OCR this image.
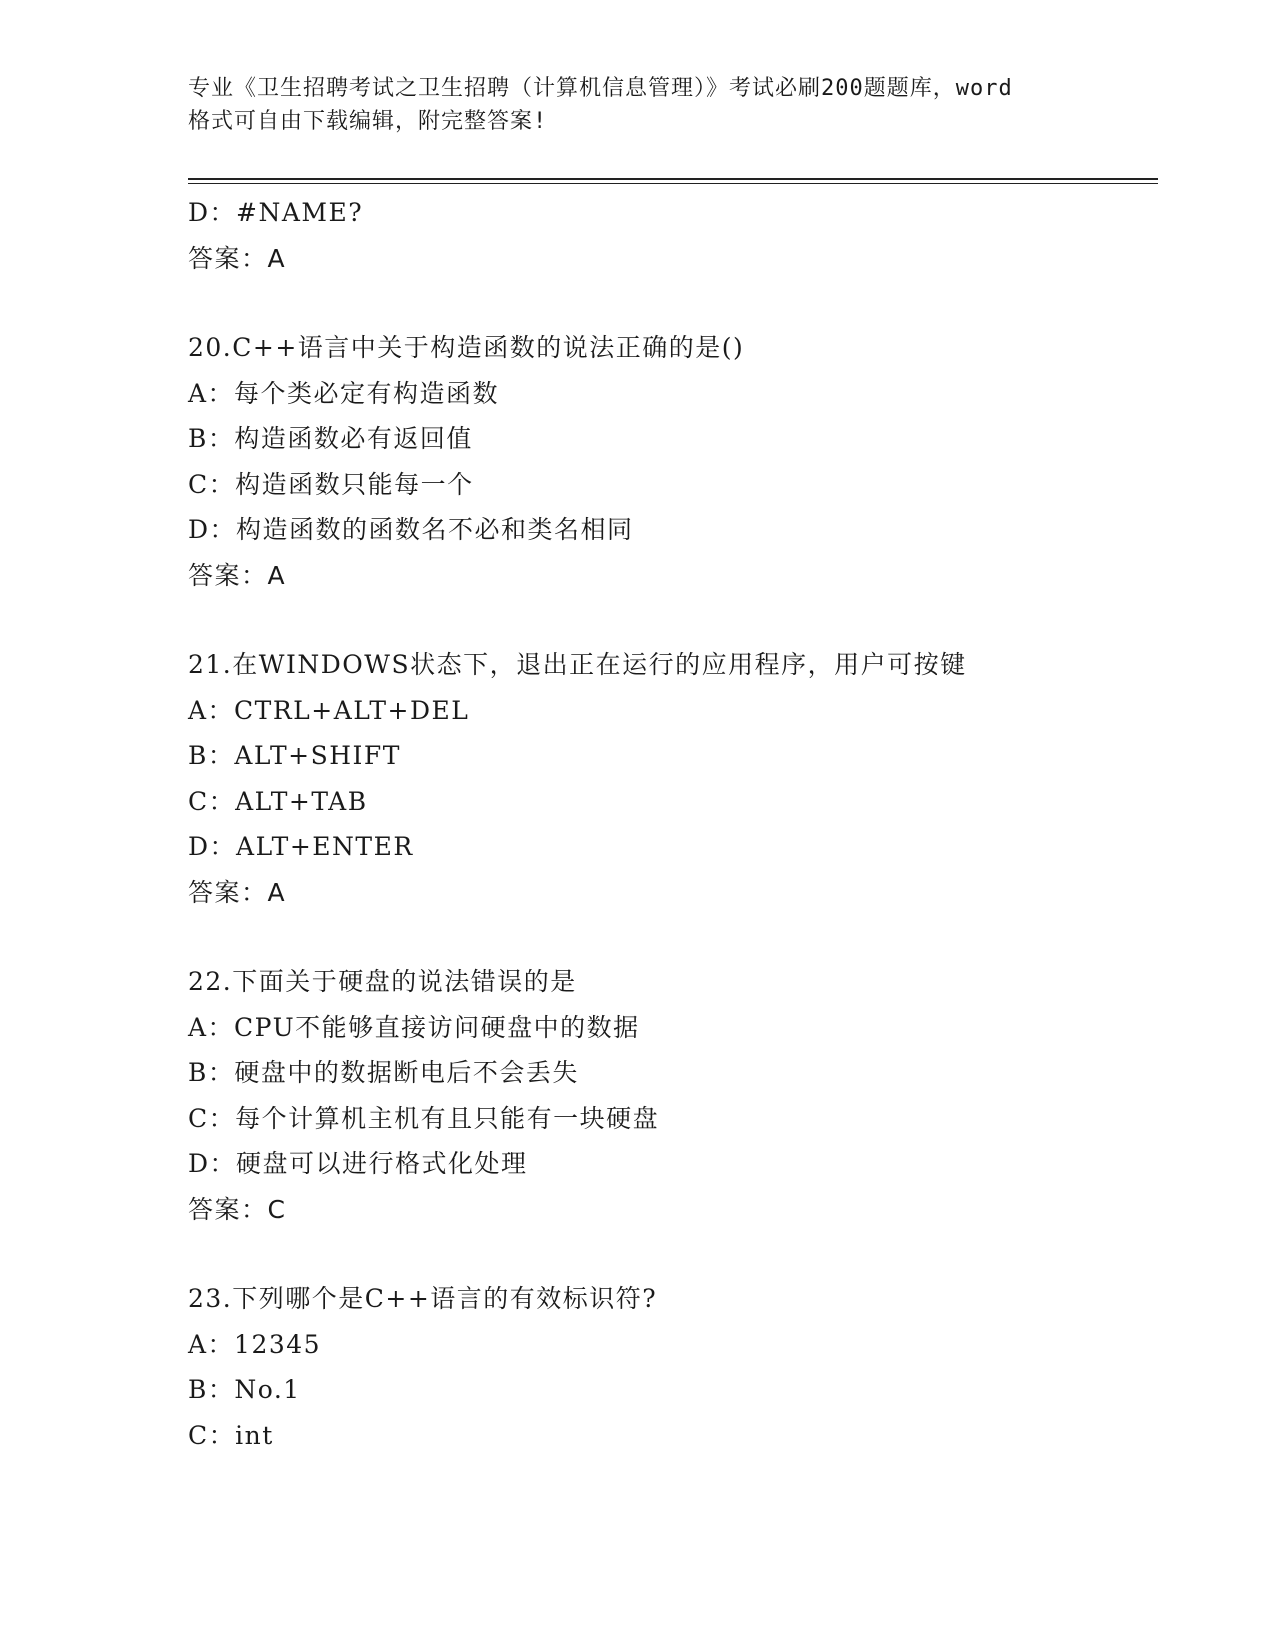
专业《卫生招聘考试之卫生招聘（计算机信息管理）》考试必刷200题题库，word
格式可自由下载编辑，附完整答案!
D：#NAME?
答案：A
20.C++语言中关于构造函数的说法正确的是()
A：每个类必定有构造函数
B：构造函数必有返回值
C：构造函数只能每一个
D：构造函数的函数名不必和类名相同
答案：A
21.在WINDOWS状态下，退出正在运行的应用程序，用户可按键
A：CTRL+ALT+DEL
B：ALT+SHIFT
C：ALT+TAB
D：ALT+ENTER
答案：A
22.下面关于硬盘的说法错误的是
A：CPU不能够直接访问硬盘中的数据
B：硬盘中的数据断电后不会丢失
C：每个计算机主机有且只能有一块硬盘
D：硬盘可以进行格式化处理
答案：C
23.下列哪个是C++语言的有效标识符?
A：12345
B：No.1
C：int
